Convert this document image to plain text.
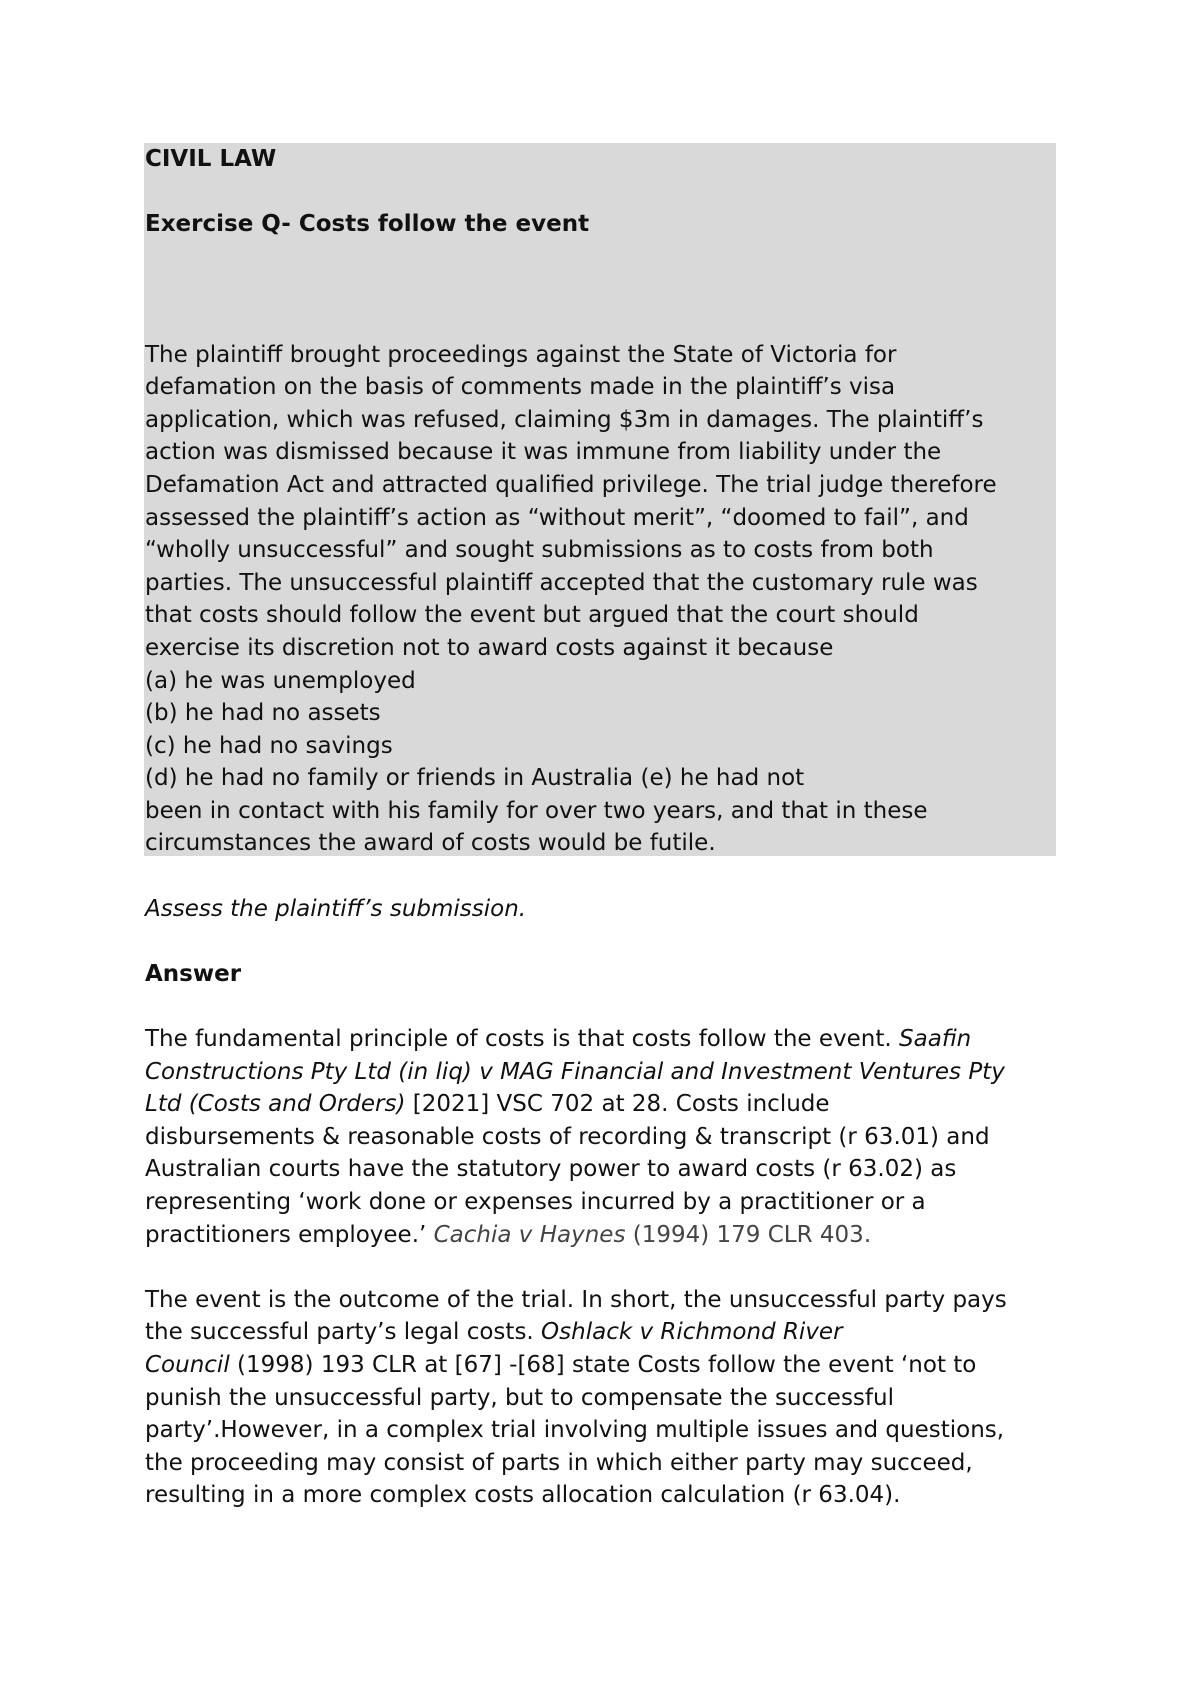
CIVIL LAW
Exercise Q- Costs follow the event
The plaintiff brought proceedings against the State of Victoria for
defamation on the basis of comments made in the plaintiff’s visa
application, which was refused, claiming $3m in damages. The plaintiff’s
action was dismissed because it was immune from liability under the
Defamation Act and attracted qualified privilege. The trial judge therefore
assessed the plaintiff’s action as “without merit”, “doomed to fail”, and
“wholly unsuccessful” and sought submissions as to costs from both
parties. The unsuccessful plaintiff accepted that the customary rule was
that costs should follow the event but argued that the court should
exercise its discretion not to award costs against it because
(a) he was unemployed
(b) he had no assets
(c) he had no savings
(d) he had no family or friends in Australia (e) he had not
been in contact with his family for over two years, and that in these
circumstances the award of costs would be futile.
Assess the plaintiff’s submission.
Answer
The fundamental principle of costs is that costs follow the event. Saafin
Constructions Pty Ltd (in liq) v MAG Financial and Investment Ventures Pty
Ltd (Costs and Orders) [2021] VSC 702 at 28. Costs include
disbursements & reasonable costs of recording & transcript (r 63.01) and
Australian courts have the statutory power to award costs (r 63.02) as
representing ‘work done or expenses incurred by a practitioner or a
practitioners employee.’ Cachia v Haynes (1994) 179 CLR 403.
The event is the outcome of the trial. In short, the unsuccessful party pays
the successful party’s legal costs. Oshlack v Richmond River
Council (1998) 193 CLR at [67] -[68] state Costs follow the event ‘not to
punish the unsuccessful party, but to compensate the successful
party’.However, in a complex trial involving multiple issues and questions,
the proceeding may consist of parts in which either party may succeed,
resulting in a more complex costs allocation calculation (r 63.04).
